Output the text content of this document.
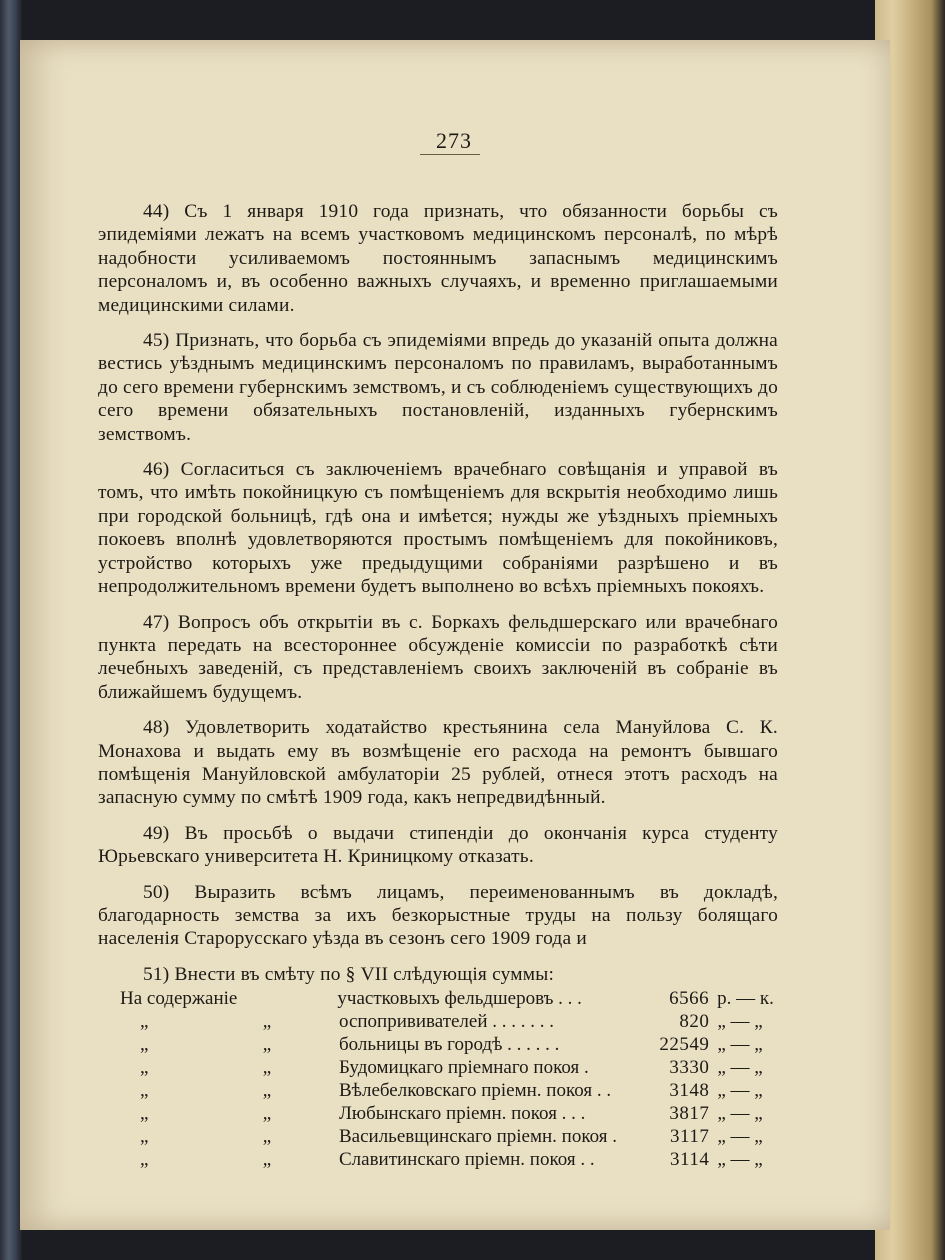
273

44) Съ 1 января 1910 года признать, что обязанности борьбы съ эпидеміями лежатъ на всемъ участковомъ медицинскомъ персоналѣ, по мѣрѣ надобности усиливаемомъ постояннымъ запаснымъ медицинскимъ персоналомъ и, въ особенно важныхъ случаяхъ, и временно приглашаемыми медицинскими силами.

45) Признать, что борьба съ эпидеміями впредь до указаній опыта должна вестись уѣзднымъ медицинскимъ персоналомъ по правиламъ, выработаннымъ до сего времени губернскимъ земствомъ, и съ соблюденіемъ существующихъ до сего времени обязательныхъ постановленій, изданныхъ губернскимъ земствомъ.

46) Согласиться съ заключеніемъ врачебнаго совѣщанія и управой въ томъ, что имѣть покойницкую съ помѣщеніемъ для вскрытія необходимо лишь при городской больницѣ, гдѣ она и имѣется; нужды же уѣздныхъ пріемныхъ покоевъ вполнѣ удовлетворяются простымъ помѣщеніемъ для покойниковъ, устройство которыхъ уже предыдущими собраніями разрѣшено и въ непродолжительномъ времени будетъ выполнено во всѣхъ пріемныхъ покояхъ.

47) Вопросъ объ открытіи въ с. Боркахъ фельдшерскаго или врачебнаго пункта передать на всестороннее обсужденіе комиссіи по разработкѣ сѣти лечебныхъ заведеній, съ представленіемъ своихъ заключеній въ собраніе въ ближайшемъ будущемъ.

48) Удовлетворить ходатайство крестьянина села Мануйлова С. К. Монахова и выдать ему въ возмѣщеніе его расхода на ремонтъ бывшаго помѣщенія Мануйловской амбулаторіи 25 рублей, отнеся этотъ расходъ на запасную сумму по смѣтѣ 1909 года, какъ непредвидѣнный.

49) Въ просьбѣ о выдачи стипендіи до окончанія курса студенту Юрьевскаго университета Н. Криницкому отказать.

50) Выразить всѣмъ лицамъ, переименованнымъ въ докладѣ, благодарность земства за ихъ безкорыстные труды на пользу болящаго населенія Старорусскаго уѣзда въ сезонъ сего 1909 года и

51) Внести въ смѣту по § VII слѣдующія суммы:

На содержаніе	участковыхъ фельдшеровъ . . .	6566 р. — к.
„	„	оспопрививателей . . . . . . .	820 „ — „
„	„	больницы въ городѣ . . . . . .	22549 „ — „
„	„	Будомицкаго пріемнаго покоя .	3330 „ — „
„	„	Вѣлебелковскаго пріемн. покоя . .	3148 „ — „
„	„	Любынскаго пріемн. покоя . . .	3817 „ — „
„	„	Васильевщинскаго пріемн. покоя .	3117 „ — „
„	„	Славитинскаго пріемн. покоя . .	3114 „ — „
